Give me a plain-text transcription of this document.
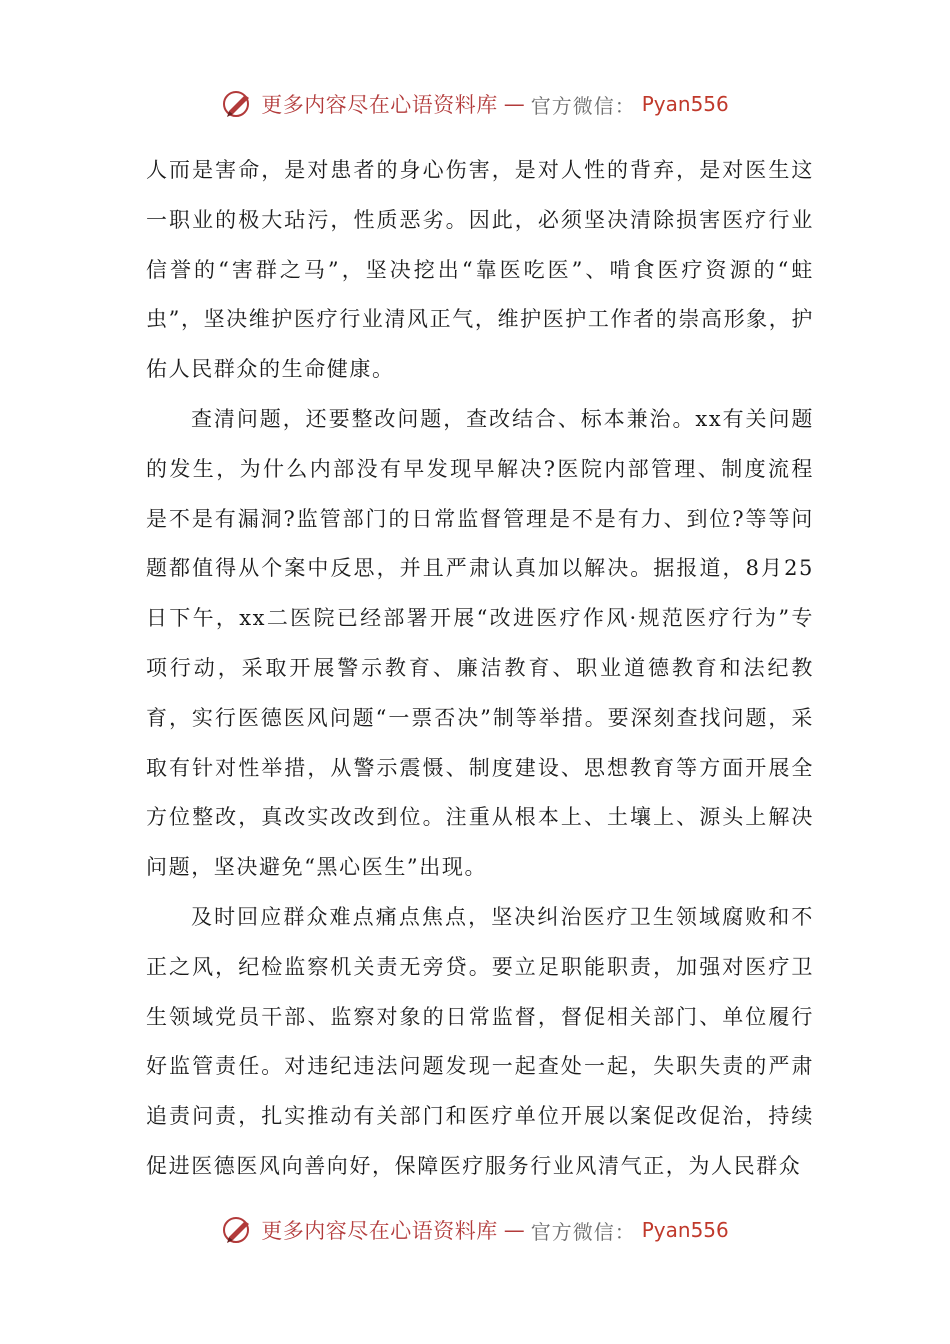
更多内容尽在心语资料库 — 官方微信： Pyan556

人而是害命，是对患者的身心伤害，是对人性的背弃，是对医生这一职业的极大玷污，性质恶劣。因此，必须坚决清除损害医疗行业信誉的“害群之马”，坚决挖出“靠医吃医”、啃食医疗资源的“蛀虫”，坚决维护医疗行业清风正气，维护医护工作者的崇高形象，护佑人民群众的生命健康。

查清问题，还要整改问题，查改结合、标本兼治。xx有关问题的发生，为什么内部没有早发现早解决?医院内部管理、制度流程是不是有漏洞?监管部门的日常监督管理是不是有力、到位?等等问题都值得从个案中反思，并且严肃认真加以解决。据报道，8月25日下午，xx二医院已经部署开展“改进医疗作风·规范医疗行为”专项行动，采取开展警示教育、廉洁教育、职业道德教育和法纪教育，实行医德医风问题“一票否决”制等举措。要深刻查找问题，采取有针对性举措，从警示震慑、制度建设、思想教育等方面开展全方位整改，真改实改改到位。注重从根本上、土壤上、源头上解决问题，坚决避免“黑心医生”出现。

及时回应群众难点痛点焦点，坚决纠治医疗卫生领域腐败和不正之风，纪检监察机关责无旁贷。要立足职能职责，加强对医疗卫生领域党员干部、监察对象的日常监督，督促相关部门、单位履行好监管责任。对违纪违法问题发现一起查处一起，失职失责的严肃追责问责，扎实推动有关部门和医疗单位开展以案促改促治，持续促进医德医风向善向好，保障医疗服务行业风清气正，为人民群众

更多内容尽在心语资料库 — 官方微信： Pyan556
